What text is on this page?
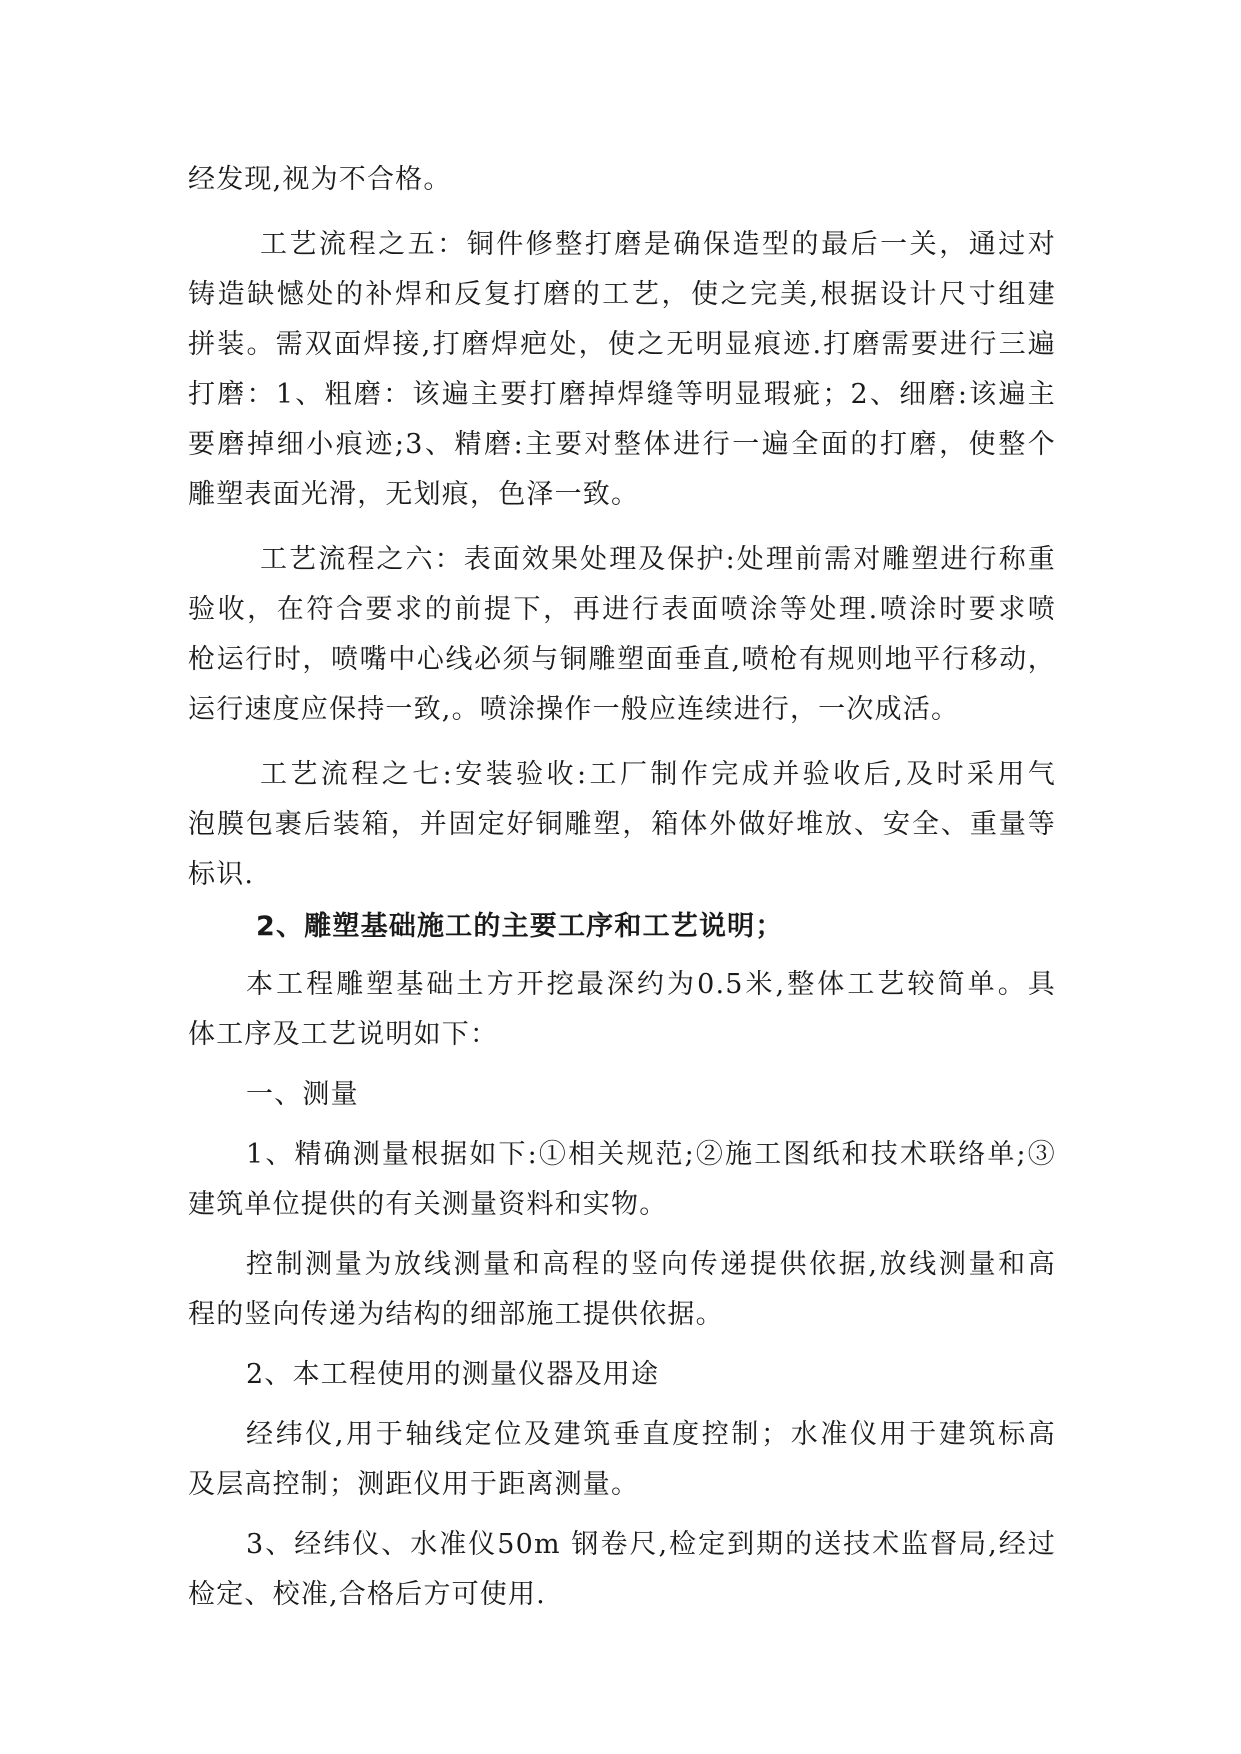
经发现,视为不合格。
工艺流程之五：铜件修整打磨是确保造型的最后一关，通过对
铸造缺憾处的补焊和反复打磨的工艺，使之完美,根据设计尺寸组建
拼装。需双面焊接,打磨焊疤处，使之无明显痕迹.打磨需要进行三遍
打磨：1、粗磨：该遍主要打磨掉焊缝等明显瑕疵；2、细磨:该遍主
要磨掉细小痕迹;3、精磨:主要对整体进行一遍全面的打磨，使整个
雕塑表面光滑，无划痕，色泽一致。
工艺流程之六：表面效果处理及保护:处理前需对雕塑进行称重
验收，在符合要求的前提下，再进行表面喷涂等处理.喷涂时要求喷
枪运行时，喷嘴中心线必须与铜雕塑面垂直,喷枪有规则地平行移动，
运行速度应保持一致,。喷涂操作一般应连续进行，一次成活。
工艺流程之七:安装验收:工厂制作完成并验收后,及时采用气
泡膜包裹后装箱，并固定好铜雕塑，箱体外做好堆放、安全、重量等
标识.
2、雕塑基础施工的主要工序和工艺说明；
本工程雕塑基础土方开挖最深约为0.5米,整体工艺较简单。具
体工序及工艺说明如下：
一、测量
1、精确测量根据如下:①相关规范;②施工图纸和技术联络单;③
建筑单位提供的有关测量资料和实物。
控制测量为放线测量和高程的竖向传递提供依据,放线测量和高
程的竖向传递为结构的细部施工提供依据。
2、本工程使用的测量仪器及用途
经纬仪,用于轴线定位及建筑垂直度控制；水准仪用于建筑标高
及层高控制；测距仪用于距离测量。
3、经纬仪、水准仪50m 钢卷尺,检定到期的送技术监督局,经过
检定、校准,合格后方可使用.
